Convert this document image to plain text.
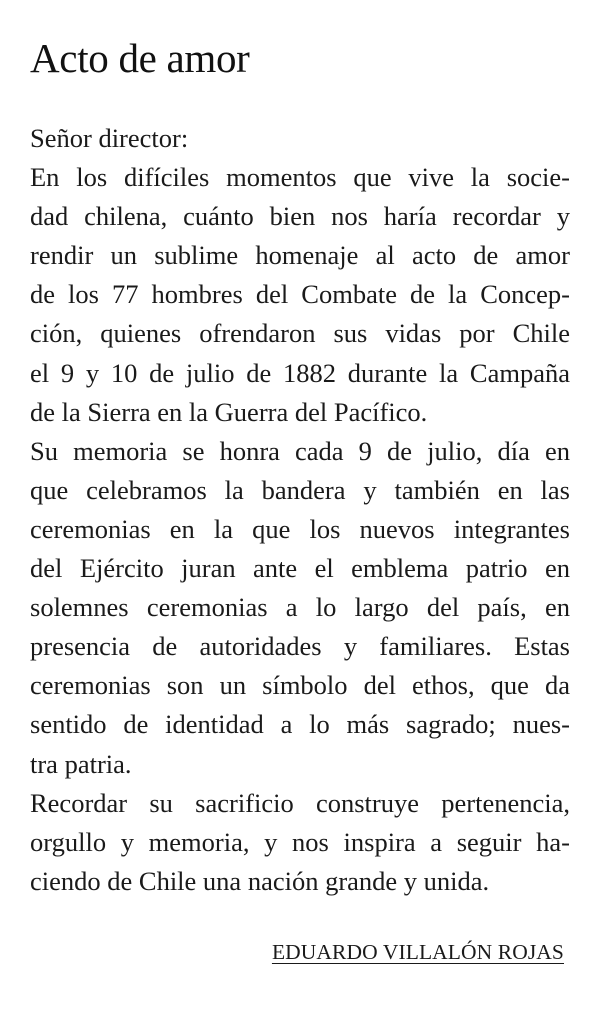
Acto de amor
Señor director:
En los difíciles momentos que vive la socie-
dad chilena, cuánto bien nos haría recordar y
rendir un sublime homenaje al acto de amor
de los 77 hombres del Combate de la Concep-
ción, quienes ofrendaron sus vidas por Chile
el 9 y 10 de julio de 1882 durante la Campaña
de la Sierra en la Guerra del Pacífico.
Su memoria se honra cada 9 de julio, día en
que celebramos la bandera y también en las
ceremonias en la que los nuevos integrantes
del Ejército juran ante el emblema patrio en
solemnes ceremonias a lo largo del país, en
presencia de autoridades y familiares. Estas
ceremonias son un símbolo del ethos, que da
sentido de identidad a lo más sagrado; nues-
tra patria.
Recordar su sacrificio construye pertenencia,
orgullo y memoria, y nos inspira a seguir ha-
ciendo de Chile una nación grande y unida.
EDUARDO VILLALÓN ROJAS
